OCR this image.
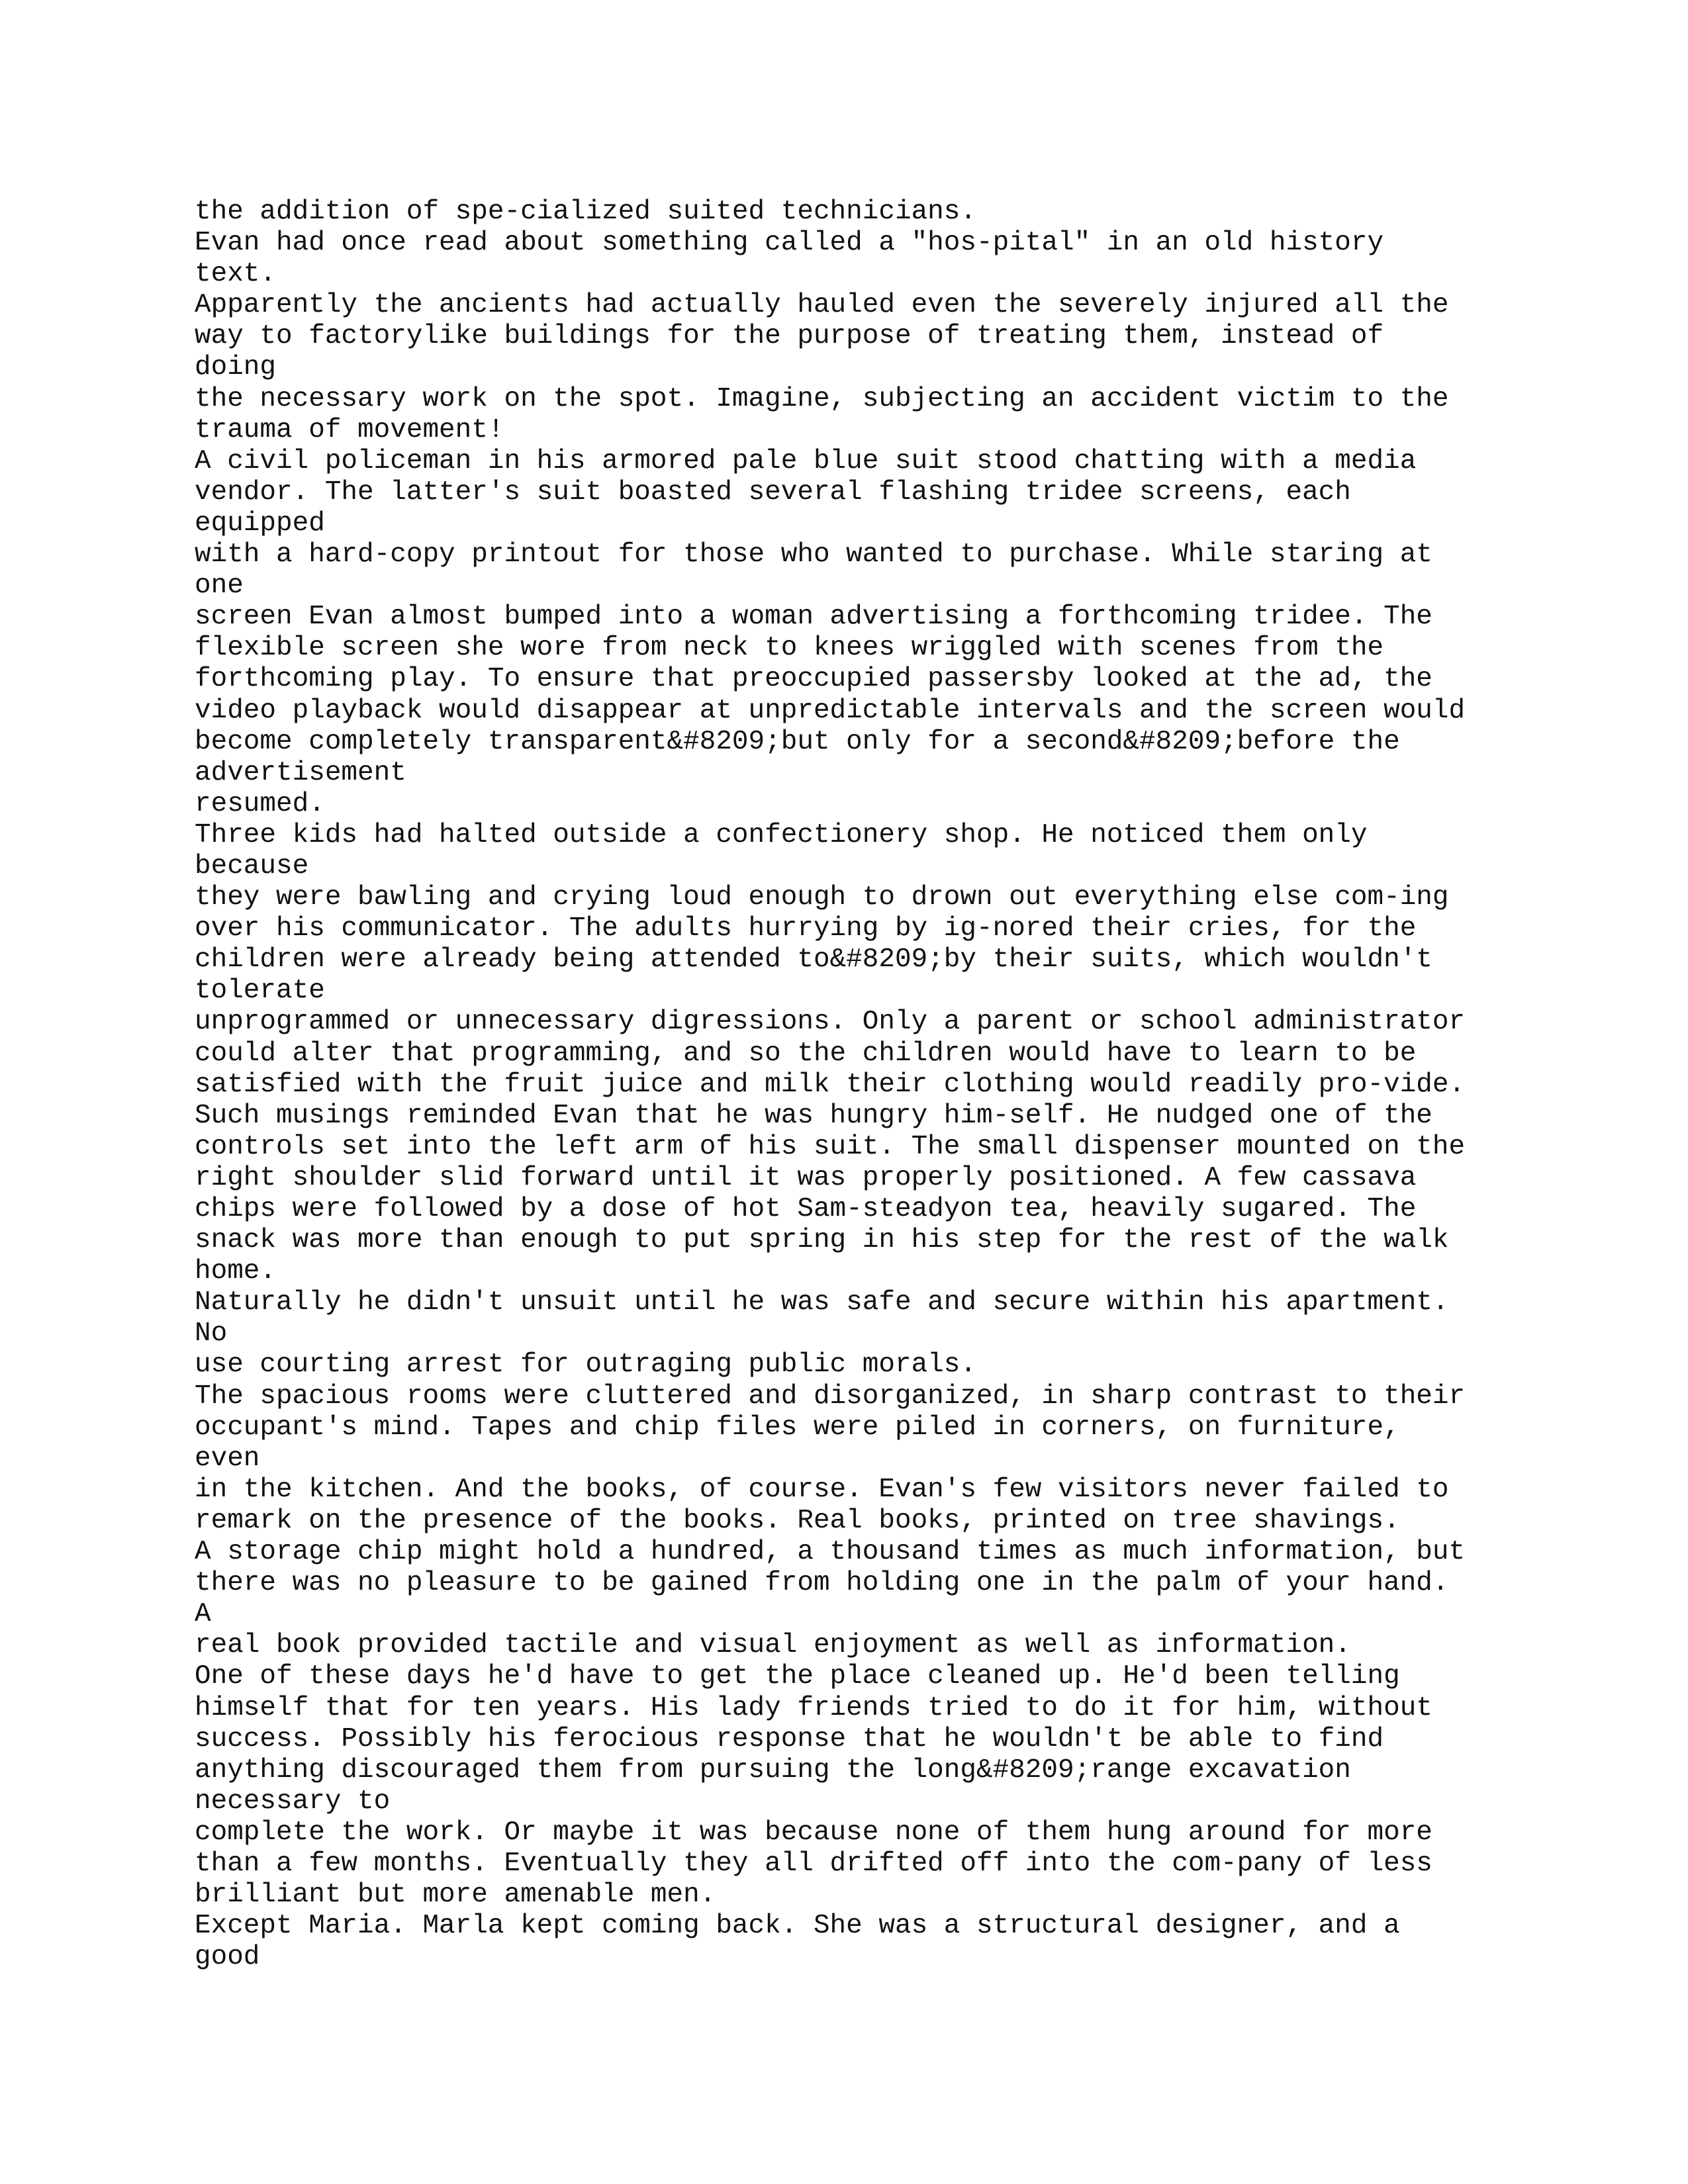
the addition of spe-cialized suited technicians.
Evan had once read about something called a "hos-pital" in an old history
text.
Apparently the ancients had actually hauled even the severely injured all the
way to factorylike buildings for the purpose of treating them, instead of
doing
the necessary work on the spot. Imagine, subjecting an accident victim to the
trauma of movement!
A civil policeman in his armored pale blue suit stood chatting with a media
vendor. The latter's suit boasted several flashing tridee screens, each
equipped
with a hard-copy printout for those who wanted to purchase. While staring at
one
screen Evan almost bumped into a woman advertising a forthcoming tridee. The
flexible screen she wore from neck to knees wriggled with scenes from the
forthcoming play. To ensure that preoccupied passersby looked at the ad, the
video playback would disappear at unpredictable intervals and the screen would
become completely transparent&#8209;but only for a second&#8209;before the
advertisement
resumed.
Three kids had halted outside a confectionery shop. He noticed them only
because
they were bawling and crying loud enough to drown out everything else com-ing
over his communicator. The adults hurrying by ig-nored their cries, for the
children were already being attended to&#8209;by their suits, which wouldn't
tolerate
unprogrammed or unnecessary digressions. Only a parent or school administrator
could alter that programming, and so the children would have to learn to be
satisfied with the fruit juice and milk their clothing would readily pro-vide.
Such musings reminded Evan that he was hungry him-self. He nudged one of the
controls set into the left arm of his suit. The small dispenser mounted on the
right shoulder slid forward until it was properly positioned. A few cassava
chips were followed by a dose of hot Sam-steadyon tea, heavily sugared. The
snack was more than enough to put spring in his step for the rest of the walk
home.
Naturally he didn't unsuit until he was safe and secure within his apartment.
No
use courting arrest for outraging public morals.
The spacious rooms were cluttered and disorganized, in sharp contrast to their
occupant's mind. Tapes and chip files were piled in corners, on furniture,
even
in the kitchen. And the books, of course. Evan's few visitors never failed to
remark on the presence of the books. Real books, printed on tree shavings.
A storage chip might hold a hundred, a thousand times as much information, but
there was no pleasure to be gained from holding one in the palm of your hand.
A
real book provided tactile and visual enjoyment as well as information.
One of these days he'd have to get the place cleaned up. He'd been telling
himself that for ten years. His lady friends tried to do it for him, without
success. Possibly his ferocious response that he wouldn't be able to find
anything discouraged them from pursuing the long&#8209;range excavation
necessary to
complete the work. Or maybe it was because none of them hung around for more
than a few months. Eventually they all drifted off into the com-pany of less
brilliant but more amenable men.
Except Maria. Marla kept coming back. She was a structural designer, and a
good
